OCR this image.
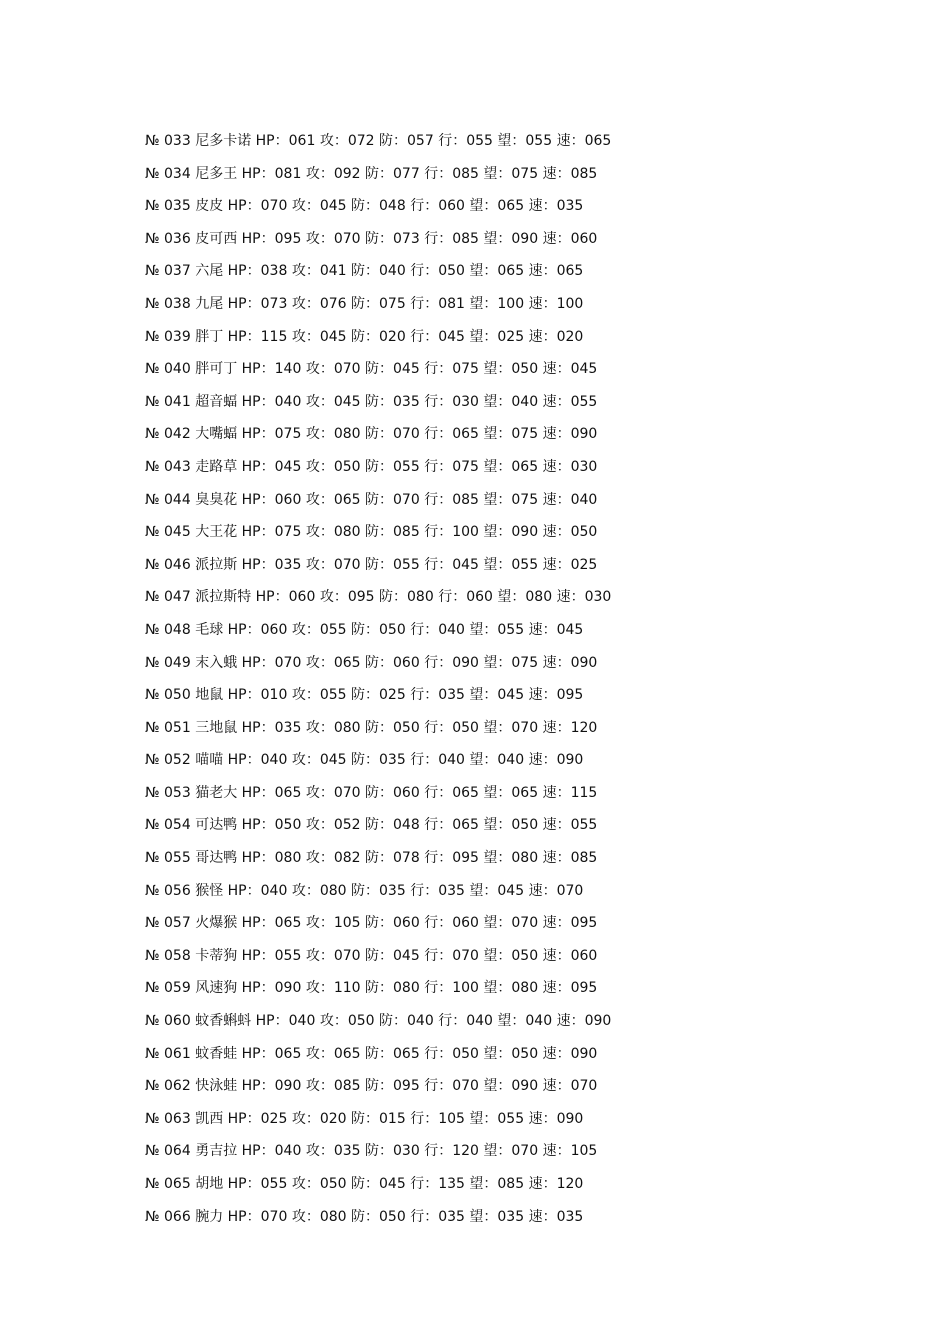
№ 033 尼多卡诺 HP：061 攻：072 防：057 行：055 望：055 速：065
№ 034 尼多王 HP：081 攻：092 防：077 行：085 望：075 速：085
№ 035 皮皮 HP：070 攻：045 防：048 行：060 望：065 速：035
№ 036 皮可西 HP：095 攻：070 防：073 行：085 望：090 速：060
№ 037 六尾 HP：038 攻：041 防：040 行：050 望：065 速：065
№ 038 九尾 HP：073 攻：076 防：075 行：081 望：100 速：100
№ 039 胖丁 HP：115 攻：045 防：020 行：045 望：025 速：020
№ 040 胖可丁 HP：140 攻：070 防：045 行：075 望：050 速：045
№ 041 超音蝠 HP：040 攻：045 防：035 行：030 望：040 速：055
№ 042 大嘴蝠 HP：075 攻：080 防：070 行：065 望：075 速：090
№ 043 走路草 HP：045 攻：050 防：055 行：075 望：065 速：030
№ 044 臭臭花 HP：060 攻：065 防：070 行：085 望：075 速：040
№ 045 大王花 HP：075 攻：080 防：085 行：100 望：090 速：050
№ 046 派拉斯 HP：035 攻：070 防：055 行：045 望：055 速：025
№ 047 派拉斯特 HP：060 攻：095 防：080 行：060 望：080 速：030
№ 048 毛球 HP：060 攻：055 防：050 行：040 望：055 速：045
№ 049 末入蛾 HP：070 攻：065 防：060 行：090 望：075 速：090
№ 050 地鼠 HP：010 攻：055 防：025 行：035 望：045 速：095
№ 051 三地鼠 HP：035 攻：080 防：050 行：050 望：070 速：120
№ 052 喵喵 HP：040 攻：045 防：035 行：040 望：040 速：090
№ 053 猫老大 HP：065 攻：070 防：060 行：065 望：065 速：115
№ 054 可达鸭 HP：050 攻：052 防：048 行：065 望：050 速：055
№ 055 哥达鸭 HP：080 攻：082 防：078 行：095 望：080 速：085
№ 056 猴怪 HP：040 攻：080 防：035 行：035 望：045 速：070
№ 057 火爆猴 HP：065 攻：105 防：060 行：060 望：070 速：095
№ 058 卡蒂狗 HP：055 攻：070 防：045 行：070 望：050 速：060
№ 059 风速狗 HP：090 攻：110 防：080 行：100 望：080 速：095
№ 060 蚊香蝌蚪 HP：040 攻：050 防：040 行：040 望：040 速：090
№ 061 蚊香蛙 HP：065 攻：065 防：065 行：050 望：050 速：090
№ 062 快泳蛙 HP：090 攻：085 防：095 行：070 望：090 速：070
№ 063 凯西 HP：025 攻：020 防：015 行：105 望：055 速：090
№ 064 勇吉拉 HP：040 攻：035 防：030 行：120 望：070 速：105
№ 065 胡地 HP：055 攻：050 防：045 行：135 望：085 速：120
№ 066 腕力 HP：070 攻：080 防：050 行：035 望：035 速：035
